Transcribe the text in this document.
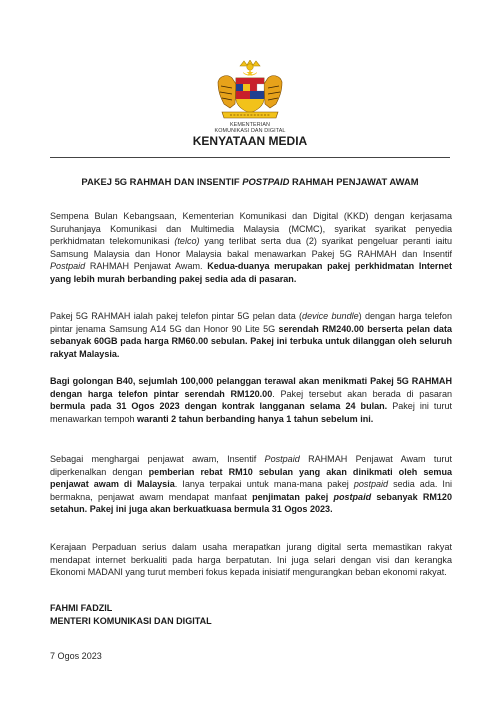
KEMENTERIAN
KOMUNIKASI DAN DIGITAL
KENYATAAN MEDIA
PAKEJ 5G RAHMAH DAN INSENTIF POSTPAID RAHMAH PENJAWAT AWAM

Sempena Bulan Kebangsaan, Kementerian Komunikasi dan Digital (KKD) dengan kerjasama Suruhanjaya Komunikasi dan Multimedia Malaysia (MCMC), syarikat syarikat penyedia perkhidmatan telekomunikasi (telco) yang terlibat serta dua (2) syarikat pengeluar peranti iaitu Samsung Malaysia dan Honor Malaysia bakal menawarkan Pakej 5G RAHMAH dan Insentif Postpaid RAHMAH Penjawat Awam. Kedua-duanya merupakan pakej perkhidmatan Internet yang lebih murah berbanding pakej sedia ada di pasaran.

Pakej 5G RAHMAH ialah pakej telefon pintar 5G pelan data (device bundle) dengan harga telefon pintar jenama Samsung A14 5G dan Honor 90 Lite 5G serendah RM240.00 berserta pelan data sebanyak 60GB pada harga RM60.00 sebulan. Pakej ini terbuka untuk dilanggan oleh seluruh rakyat Malaysia.

Bagi golongan B40, sejumlah 100,000 pelanggan terawal akan menikmati Pakej 5G RAHMAH dengan harga telefon pintar serendah RM120.00. Pakej tersebut akan berada di pasaran bermula pada 31 Ogos 2023 dengan kontrak langganan selama 24 bulan. Pakej ini turut menawarkan tempoh waranti 2 tahun berbanding hanya 1 tahun sebelum ini.

Sebagai menghargai penjawat awam, Insentif Postpaid RAHMAH Penjawat Awam turut diperkenalkan dengan pemberian rebat RM10 sebulan yang akan dinikmati oleh semua penjawat awam di Malaysia. Ianya terpakai untuk mana-mana pakej postpaid sedia ada. Ini bermakna, penjawat awam mendapat manfaat penjimatan pakej postpaid sebanyak RM120 setahun. Pakej ini juga akan berkuatkuasa bermula 31 Ogos 2023.

Kerajaan Perpaduan serius dalam usaha merapatkan jurang digital serta memastikan rakyat mendapat internet berkualiti pada harga berpatutan. Ini juga selari dengan visi dan kerangka Ekonomi MADANI yang turut memberi fokus kepada inisiatif mengurangkan beban ekonomi rakyat.

FAHMI FADZIL
MENTERI KOMUNIKASI DAN DIGITAL
7 Ogos 2023
